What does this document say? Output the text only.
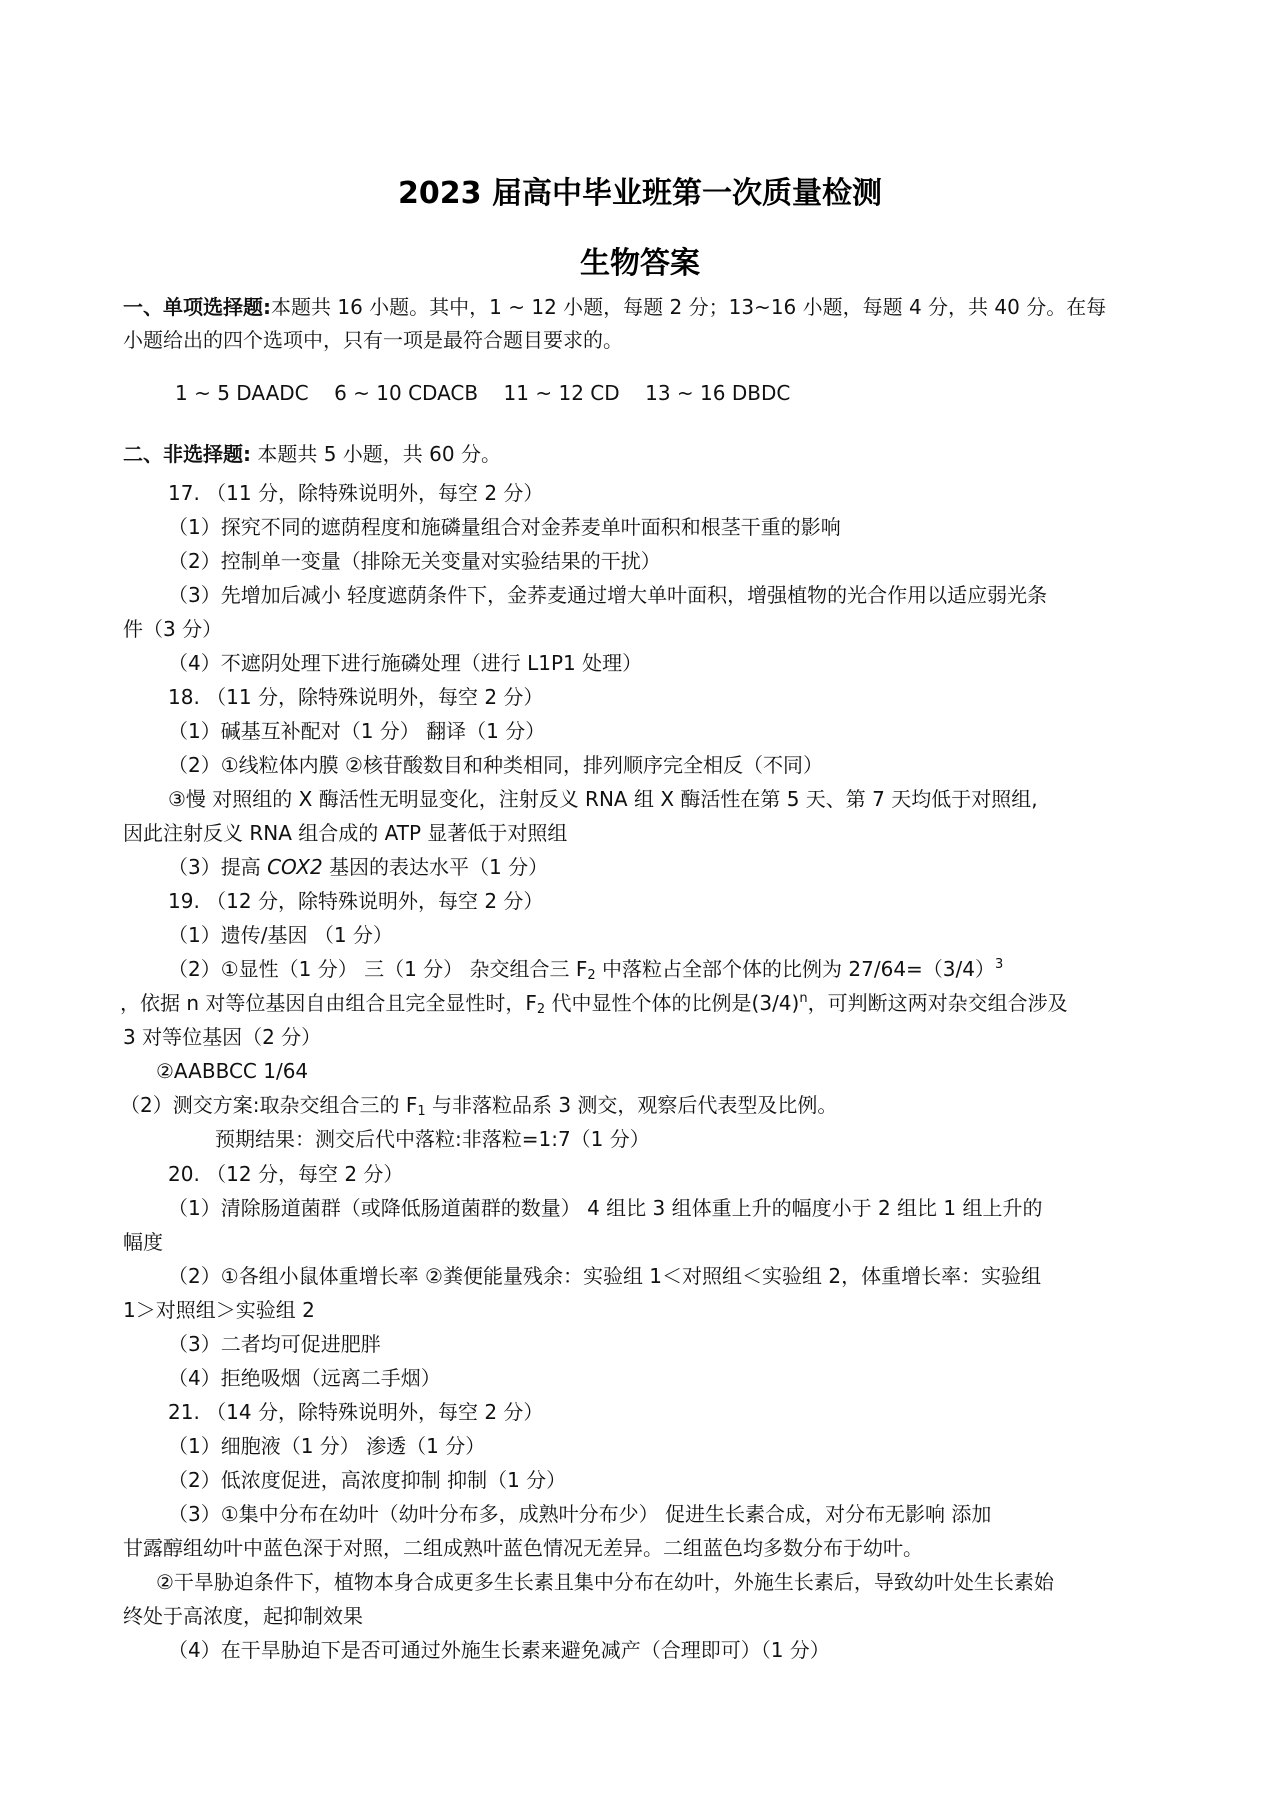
2023 届高中毕业班第一次质量检测
生物答案
一、单项选择题:本题共 16 小题。其中，1 ~ 12 小题，每题 2 分；13~16 小题，每题 4 分，共 40 分。在每
小题给出的四个选项中，只有一项是最符合题目要求的。
1 ~ 5 DAADC 6 ~ 10 CDACB 11 ~ 12 CD 13 ~ 16 DBDC
二、非选择题: 本题共 5 小题，共 60 分。
17. （11 分，除特殊说明外，每空 2 分）
（1）探究不同的遮荫程度和施磷量组合对金荞麦单叶面积和根茎干重的影响
（2）控制单一变量（排除无关变量对实验结果的干扰）
（3）先增加后减小 轻度遮荫条件下，金荞麦通过增大单叶面积，增强植物的光合作用以适应弱光条
件（3 分）
（4）不遮阴处理下进行施磷处理（进行 L1P1 处理）
18. （11 分，除特殊说明外，每空 2 分）
（1）碱基互补配对（1 分） 翻译（1 分）
（2）①线粒体内膜 ②核苷酸数目和种类相同，排列顺序完全相反（不同）
③慢 对照组的 X 酶活性无明显变化，注射反义 RNA 组 X 酶活性在第 5 天、第 7 天均低于对照组,
因此注射反义 RNA 组合成的 ATP 显著低于对照组
（3）提高 COX2 基因的表达水平（1 分）
19. （12 分，除特殊说明外，每空 2 分）
（1）遗传/基因 （1 分）
（2）①显性（1 分） 三（1 分） 杂交组合三 $F_2$ 中落粒占全部个体的比例为 $27/64=(3/4)^3$
，依据 n 对等位基因自由组合且完全显性时，$F_2$ 代中显性个体的比例是$(3/4)^n$，可判断这两对杂交组合涉及
3 对等位基因（2 分）
②AABBCC 1/64
（2）测交方案:取杂交组合三的 $F_1$ 与非落粒品系 3 测交，观察后代表型及比例。
预期结果：测交后代中落粒:非落粒=1:7（1 分）
20. （12 分，每空 2 分）
（1）清除肠道菌群（或降低肠道菌群的数量） 4 组比 3 组体重上升的幅度小于 2 组比 1 组上升的
幅度
（2）①各组小鼠体重增长率 ②粪便能量残余：实验组 1＜对照组＜实验组 2，体重增长率：实验组
1＞对照组＞实验组 2
（3）二者均可促进肥胖
（4）拒绝吸烟（远离二手烟）
21. （14 分，除特殊说明外，每空 2 分）
（1）细胞液（1 分） 渗透（1 分）
（2）低浓度促进，高浓度抑制 抑制（1 分）
（3）①集中分布在幼叶（幼叶分布多，成熟叶分布少） 促进生长素合成，对分布无影响 添加
甘露醇组幼叶中蓝色深于对照，二组成熟叶蓝色情况无差异。二组蓝色均多数分布于幼叶。
②干旱胁迫条件下，植物本身合成更多生长素且集中分布在幼叶，外施生长素后，导致幼叶处生长素始
终处于高浓度，起抑制效果
（4）在干旱胁迫下是否可通过外施生长素来避免减产（合理即可）（1 分）
